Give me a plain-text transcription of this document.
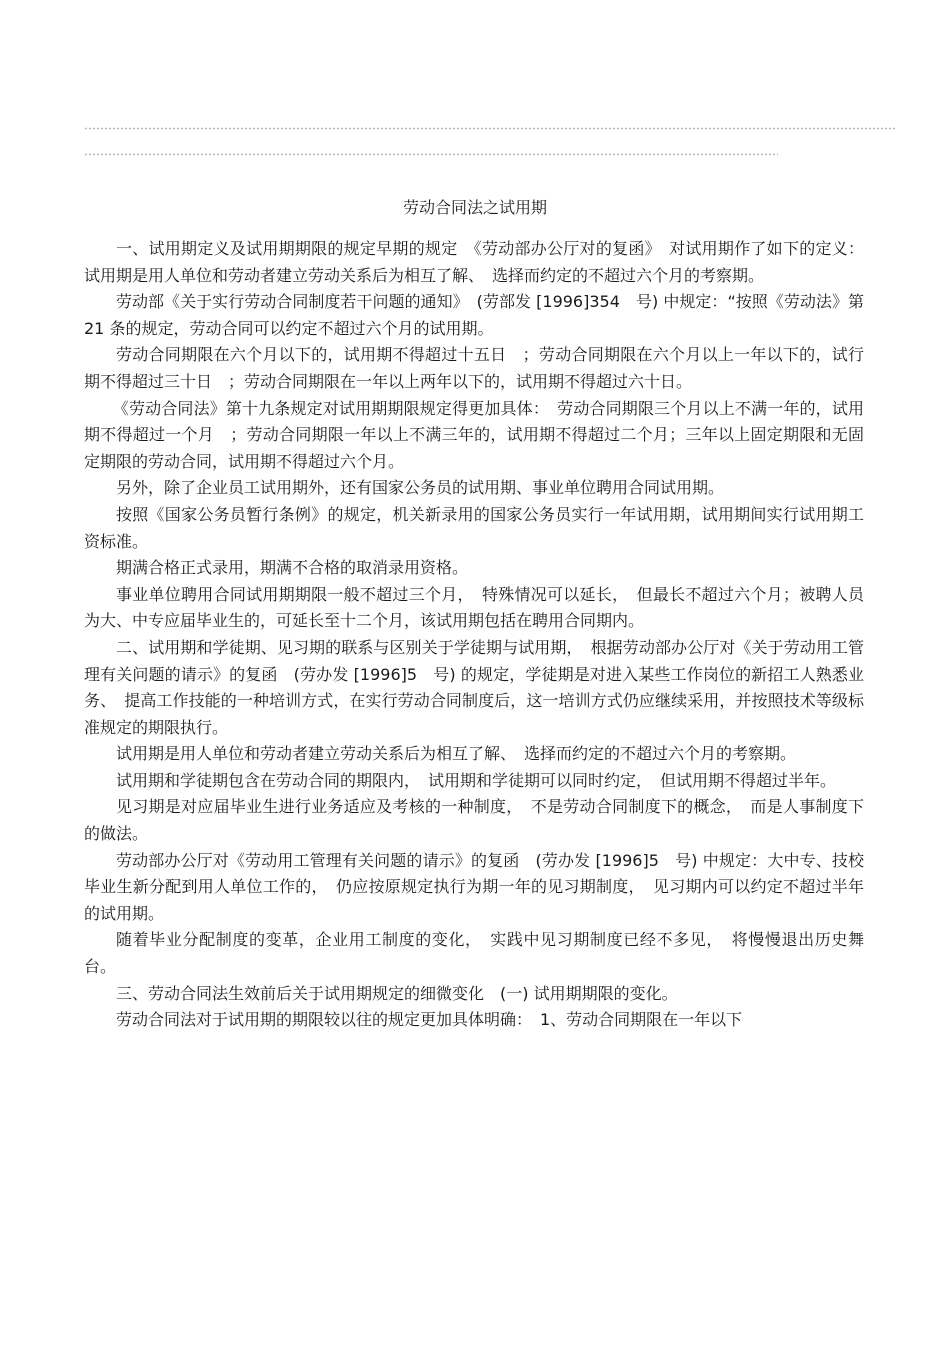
劳动合同法之试用期

一、试用期定义及试用期期限的规定早期的规定　《劳动部办公厅对的复函》　对试用期作了如下的定义：试用期是用人单位和劳动者建立劳动关系后为相互了解、　选择而约定的不超过六个月的考察期。

劳动部《关于实行劳动合同制度若干问题的通知》　(劳部发 [1996]354　号) 中规定：“按照《劳动法》第　21 条的规定，劳动合同可以约定不超过六个月的试用期。

劳动合同期限在六个月以下的，试用期不得超过十五日　；劳动合同期限在六个月以上一年以下的，试行期不得超过三十日　；劳动合同期限在一年以上两年以下的，试用期不得超过六十日。

《劳动合同法》第十九条规定对试用期期限规定得更加具体：　劳动合同期限三个月以上不满一年的，试用期不得超过一个月　；劳动合同期限一年以上不满三年的，试用期不得超过二个月；三年以上固定期限和无固定期限的劳动合同，试用期不得超过六个月。

另外，除了企业员工试用期外，还有国家公务员的试用期、事业单位聘用合同试用期。

按照《国家公务员暂行条例》的规定，机关新录用的国家公务员实行一年试用期，试用期间实行试用期工资标准。

期满合格正式录用，期满不合格的取消录用资格。

事业单位聘用合同试用期期限一般不超过三个月，　特殊情况可以延长，　但最长不超过六个月；被聘人员为大、中专应届毕业生的，可延长至十二个月，该试用期包括在聘用合同期内。

二、试用期和学徒期、见习期的联系与区别关于学徒期与试用期，　根据劳动部办公厅对《关于劳动用工管理有关问题的请示》的复函　(劳办发 [1996]5　号) 的规定，学徒期是对进入某些工作岗位的新招工人熟悉业务、　提高工作技能的一种培训方式，在实行劳动合同制度后，这一培训方式仍应继续采用，并按照技术等级标准规定的期限执行。

试用期是用人单位和劳动者建立劳动关系后为相互了解、　选择而约定的不超过六个月的考察期。

试用期和学徒期包含在劳动合同的期限内，　试用期和学徒期可以同时约定，　但试用期不得超过半年。

见习期是对应届毕业生进行业务适应及考核的一种制度，　不是劳动合同制度下的概念，　而是人事制度下的做法。

劳动部办公厅对《劳动用工管理有关问题的请示》的复函　(劳办发 [1996]5　号) 中规定：大中专、技校毕业生新分配到用人单位工作的，　仍应按原规定执行为期一年的见习期制度，　见习期内可以约定不超过半年的试用期。

随着毕业分配制度的变革，企业用工制度的变化，　实践中见习期制度已经不多见，　将慢慢退出历史舞台。

三、劳动合同法生效前后关于试用期规定的细微变化　(一) 试用期期限的变化。

劳动合同法对于试用期的期限较以往的规定更加具体明确：　1、劳动合同期限在一年以下
